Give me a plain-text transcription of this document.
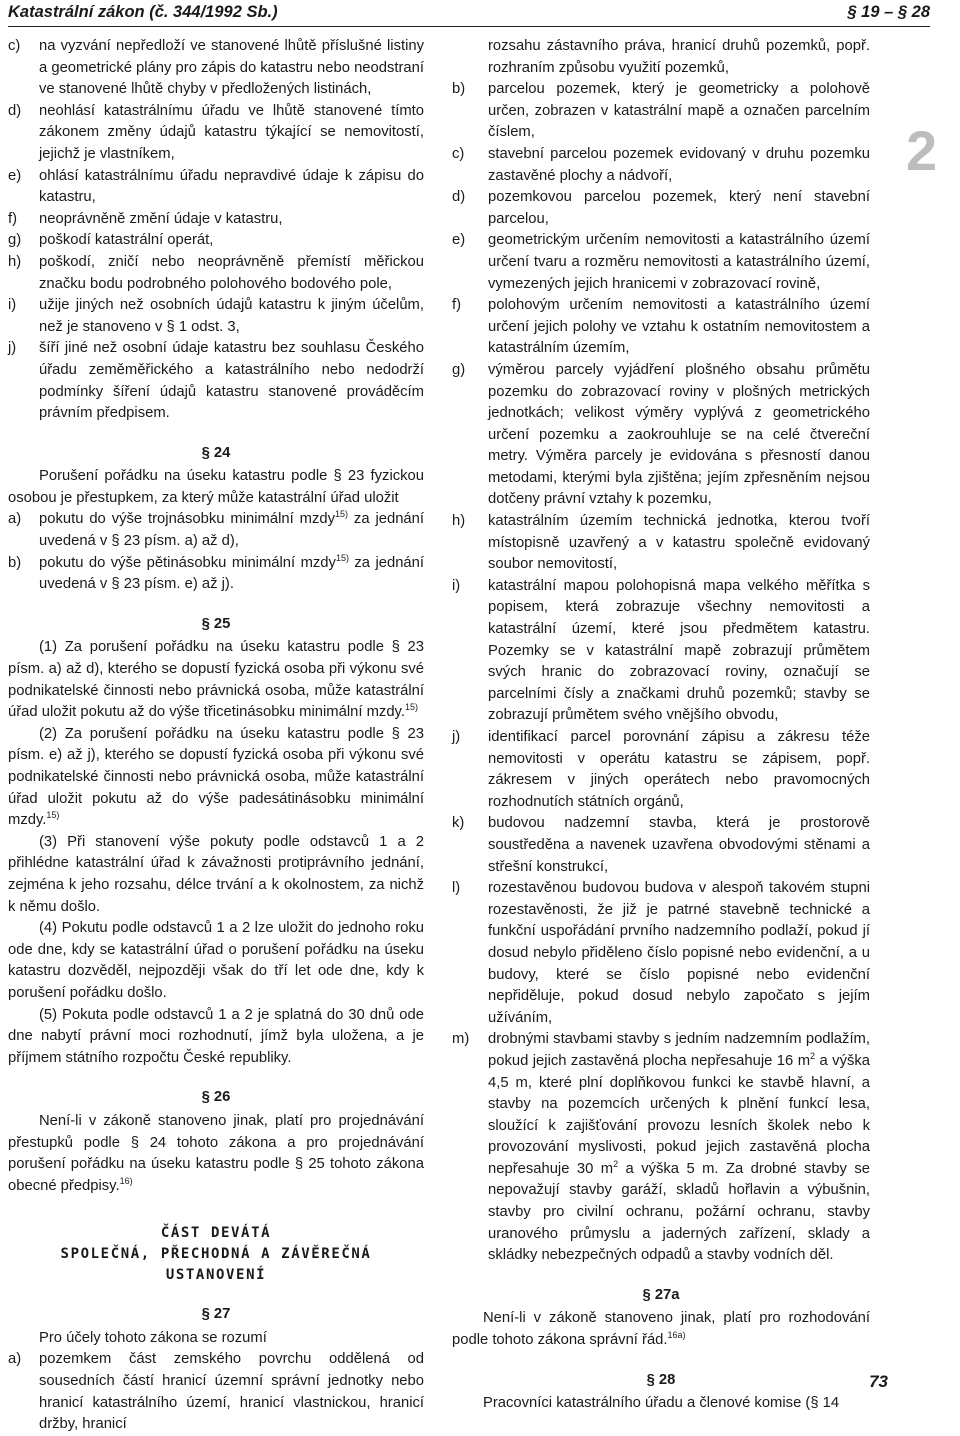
Katastrální zákon (č. 344/1992 Sb.)	§ 19 – § 28
2
c) na vyzvání nepředloží ve stanovené lhůtě příslušné listiny a geometrické plány pro zápis do katastru nebo neodstraní ve stanovené lhůtě chyby v předložených listinách,
d) neohlásí katastrálnímu úřadu ve lhůtě stanovené tímto zákonem změny údajů katastru týkající se nemovitostí, jejichž je vlastníkem,
e) ohlásí katastrálnímu úřadu nepravdivé údaje k zápisu do katastru,
f) neoprávněně změní údaje v katastru,
g) poškodí katastrální operát,
h) poškodí, zničí nebo neoprávněně přemístí měřickou značku bodu podrobného polohového bodového pole,
i) užije jiných než osobních údajů katastru k jiným účelům, než je stanoveno v § 1 odst. 3,
j) šíří jiné než osobní údaje katastru bez souhlasu Českého úřadu zeměměřického a katastrálního nebo nedodrží podmínky šíření údajů katastru stanovené prováděcím právním předpisem.
§ 24
Porušení pořádku na úseku katastru podle § 23 fyzickou osobou je přestupkem, za který může katastrální úřad uložit
a) pokutu do výše trojnásobku minimální mzdy$^{15)}$ za jednání uvedená v § 23 písm. a) až d),
b) pokutu do výše pětinásobku minimální mzdy$^{15)}$ za jednání uvedená v § 23 písm. e) až j).
§ 25
(1) Za porušení pořádku na úseku katastru podle § 23 písm. a) až d), kterého se dopustí fyzická osoba při výkonu své podnikatelské činnosti nebo právnická osoba, může katastrální úřad uložit pokutu až do výše třicetinásobku minimální mzdy.$^{15)}$
(2) Za porušení pořádku na úseku katastru podle § 23 písm. e) až j), kterého se dopustí fyzická osoba při výkonu své podnikatelské činnosti nebo právnická osoba, může katastrální úřad uložit pokutu až do výše padesátinásobku minimální mzdy.$^{15)}$
(3) Při stanovení výše pokuty podle odstavců 1 a 2 přihlédne katastrální úřad k závažnosti protiprávního jednání, zejména k jeho rozsahu, délce trvání a k okolnostem, za nichž k němu došlo.
(4) Pokutu podle odstavců 1 a 2 lze uložit do jednoho roku ode dne, kdy se katastrální úřad o porušení pořádku na úseku katastru dozvěděl, nejpozději však do tří let ode dne, kdy k porušení pořádku došlo.
(5) Pokuta podle odstavců 1 a 2 je splatná do 30 dnů ode dne nabytí právní moci rozhodnutí, jímž byla uložena, a je příjmem státního rozpočtu České republiky.
§ 26
Není-li v zákoně stanoveno jinak, platí pro projednávání přestupků podle § 24 tohoto zákona a pro projednávání porušení pořádku na úseku katastru podle § 25 tohoto zákona obecné předpisy.$^{16)}$
ČÁST DEVÁTÁ
SPOLEČNÁ, PŘECHODNÁ A ZÁVĚREČNÁ
USTANOVENÍ
§ 27
Pro účely tohoto zákona se rozumí
a) pozemkem část zemského povrchu oddělená od sousedních částí hranicí územní správní jednotky nebo hranicí katastrálního území, hranicí vlastnickou, hranicí držby, hranicí
rozsahu zástavního práva, hranicí druhů pozemků, popř. rozhraním způsobu využití pozemků,
b) parcelou pozemek, který je geometricky a polohově určen, zobrazen v katastrální mapě a označen parcelním číslem,
c) stavební parcelou pozemek evidovaný v druhu pozemku zastavěné plochy a nádvoří,
d) pozemkovou parcelou pozemek, který není stavební parcelou,
e) geometrickým určením nemovitosti a katastrálního území určení tvaru a rozměru nemovitosti a katastrálního území, vymezených jejich hranicemi v zobrazovací rovině,
f) polohovým určením nemovitosti a katastrálního území určení jejich polohy ve vztahu k ostatním nemovitostem a katastrálním územím,
g) výměrou parcely vyjádření plošného obsahu průmětu pozemku do zobrazovací roviny v plošných metrických jednotkách; velikost výměry vyplývá z geometrického určení pozemku a zaokrouhluje se na celé čtvereční metry. Výměra parcely je evidována s přesností danou metodami, kterými byla zjištěna; jejím zpřesněním nejsou dotčeny právní vztahy k pozemku,
h) katastrálním územím technická jednotka, kterou tvoří místopisně uzavřený a v katastru společně evidovaný soubor nemovitostí,
i) katastrální mapou polohopisná mapa velkého měřítka s popisem, která zobrazuje všechny nemovitosti a katastrální území, které jsou předmětem katastru. Pozemky se v katastrální mapě zobrazují průmětem svých hranic do zobrazovací roviny, označují se parcelními čísly a značkami druhů pozemků; stavby se zobrazují průmětem svého vnějšího obvodu,
j) identifikací parcel porovnání zápisu a zákresu téže nemovitosti v operátu katastru se zápisem, popř. zákresem v jiných operátech nebo pravomocných rozhodnutích státních orgánů,
k) budovou nadzemní stavba, která je prostorově soustředěna a navenek uzavřena obvodovými stěnami a střešní konstrukcí,
l) rozestavěnou budovou budova v alespoň takovém stupni rozestavěnosti, že již je patrné stavebně technické a funkční uspořádání prvního nadzemního podlaží, pokud jí dosud nebylo přiděleno číslo popisné nebo evidenční, a u budovy, které se číslo popisné nebo evidenční nepřiděluje, pokud dosud nebylo započato s jejím užíváním,
m) drobnými stavbami stavby s jedním nadzemním podlažím, pokud jejich zastavěná plocha nepřesahuje 16 $m^2$ a výška 4,5 m, které plní doplňkovou funkci ke stavbě hlavní, a stavby na pozemcích určených k plnění funkcí lesa, sloužící k zajišťování provozu lesních školek nebo k provozování myslivosti, pokud jejich zastavěná plocha nepřesahuje 30 $m^2$ a výška 5 m. Za drobné stavby se nepovažují stavby garáží, skladů hořlavin a výbušnin, stavby pro civilní ochranu, požární ochranu, stavby uranového průmyslu a jaderných zařízení, sklady a skládky nebezpečných odpadů a stavby vodních děl.
§ 27a
Není-li v zákoně stanoveno jinak, platí pro rozhodování podle tohoto zákona správní řád.$^{16a)}$
§ 28
Pracovníci katastrálního úřadu a členové komise (§ 14
73
